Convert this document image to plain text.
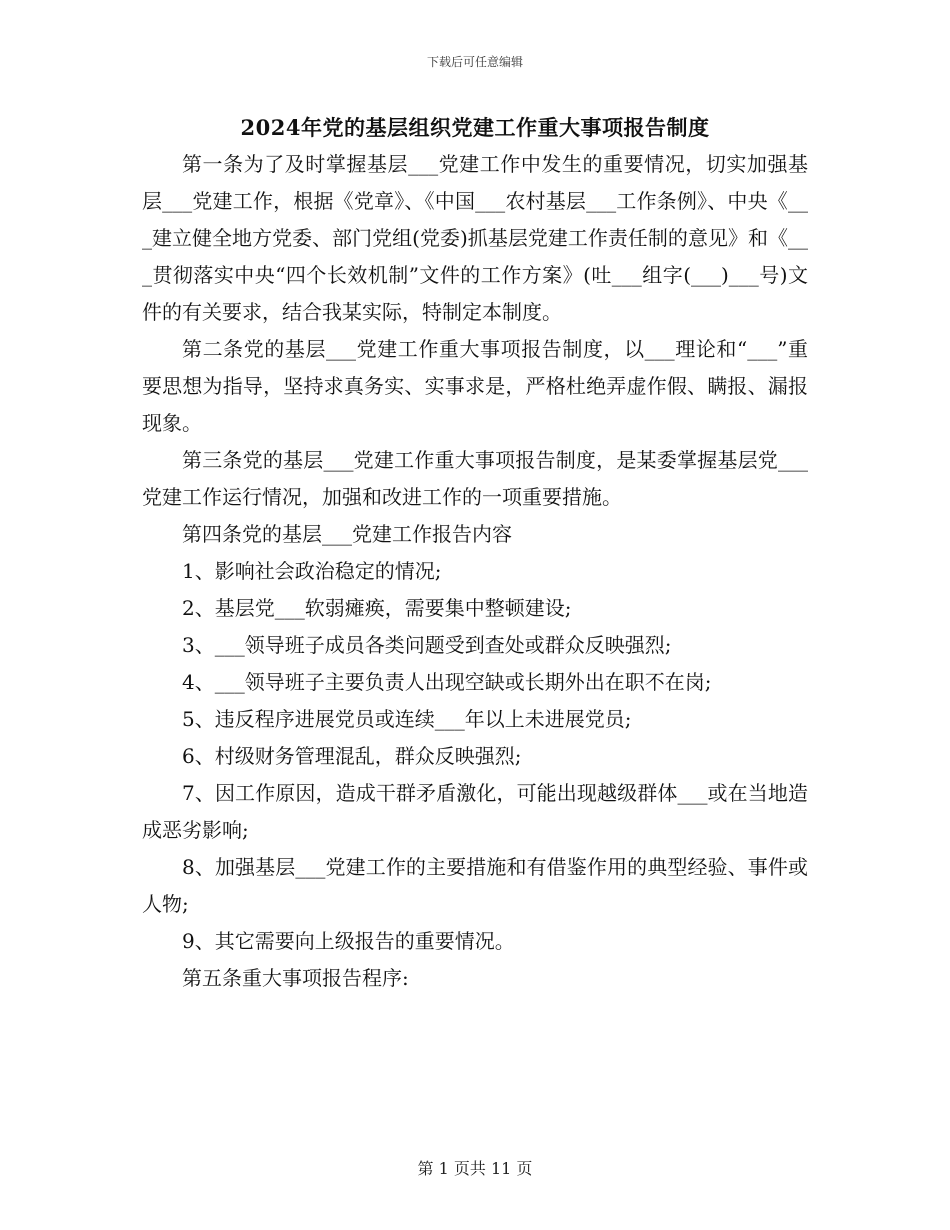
下载后可任意编辑
2024年党的基层组织党建工作重大事项报告制度

第一条为了及时掌握基层___党建工作中发生的重要情况，切实加强基层___党建工作，根据《党章》、《中国___农村基层___工作条例》、中央《___建立健全地方党委、部门党组(党委)抓基层党建工作责任制的意见》和《___贯彻落实中央“四个长效机制”文件的工作方案》(吐___组字(___)___号)文件的有关要求，结合我某实际，特制定本制度。

第二条党的基层___党建工作重大事项报告制度，以___理论和“___”重要思想为指导，坚持求真务实、实事求是，严格杜绝弄虚作假、瞒报、漏报现象。

第三条党的基层___党建工作重大事项报告制度，是某委掌握基层党___党建工作运行情况，加强和改进工作的一项重要措施。

第四条党的基层___党建工作报告内容

1、影响社会政治稳定的情况;

2、基层党___软弱瘫痪，需要集中整顿建设;

3、___领导班子成员各类问题受到查处或群众反映强烈;

4、___领导班子主要负责人出现空缺或长期外出在职不在岗;

5、违反程序进展党员或连续___年以上未进展党员;

6、村级财务管理混乱，群众反映强烈;

7、因工作原因，造成干群矛盾激化，可能出现越级群体___或在当地造成恶劣影响;

8、加强基层___党建工作的主要措施和有借鉴作用的典型经验、事件或人物;

9、其它需要向上级报告的重要情况。

第五条重大事项报告程序:

第 1 页共 11 页
